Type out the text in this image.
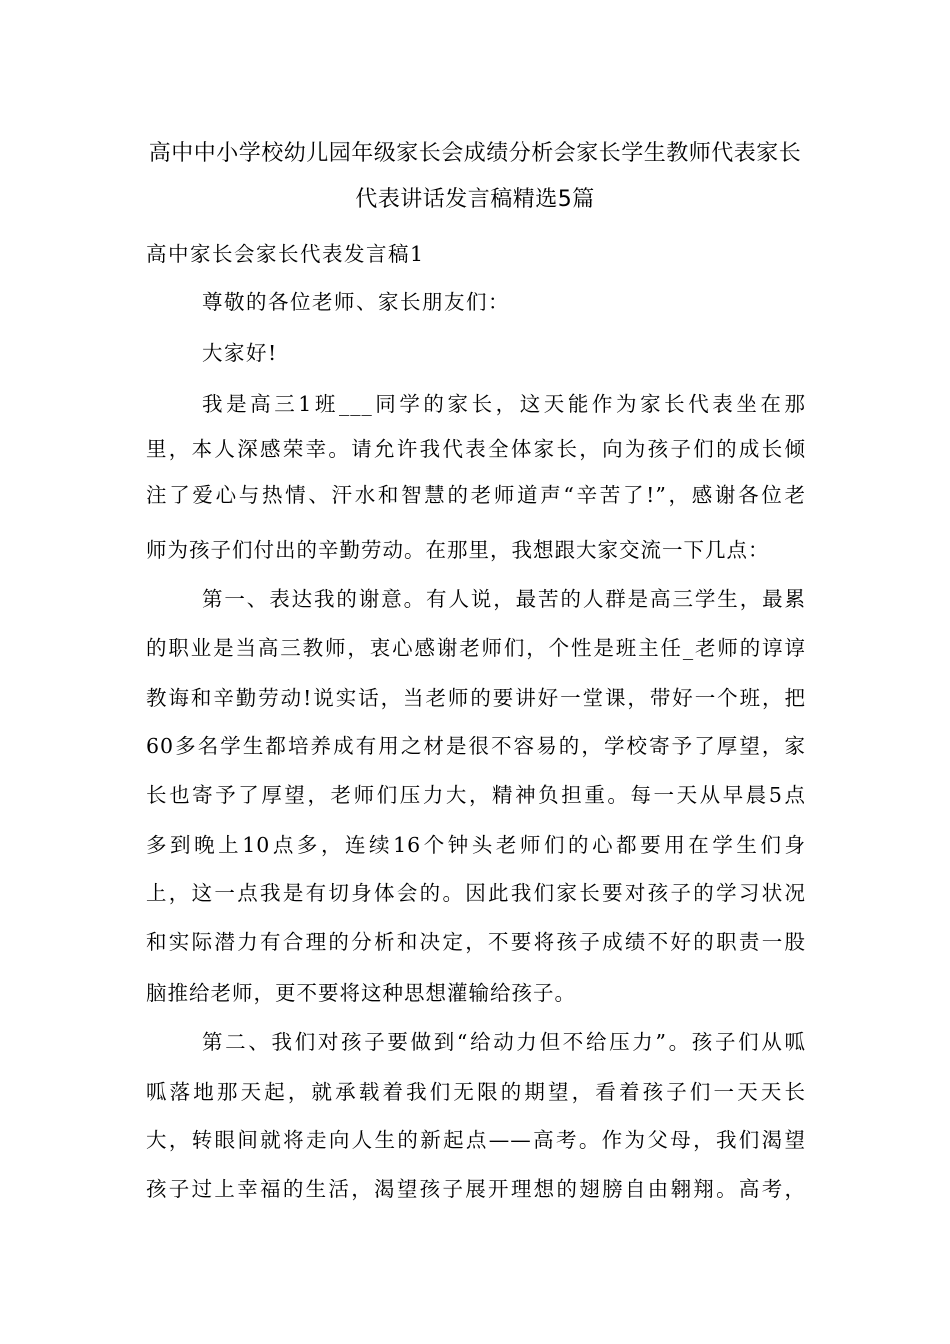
高中中小学校幼儿园年级家长会成绩分析会家长学生教师代表家长
代表讲话发言稿精选5篇
高中家长会家长代表发言稿1
尊敬的各位老师、家长朋友们：
大家好!
我是高三1班___同学的家长，这天能作为家长代表坐在那
里，本人深感荣幸。请允许我代表全体家长，向为孩子们的成长倾
注了爱心与热情、汗水和智慧的老师道声“辛苦了!”，感谢各位老
师为孩子们付出的辛勤劳动。在那里，我想跟大家交流一下几点：
第一、表达我的谢意。有人说，最苦的人群是高三学生，最累
的职业是当高三教师，衷心感谢老师们，个性是班主任_老师的谆谆
教诲和辛勤劳动!说实话，当老师的要讲好一堂课，带好一个班，把
60多名学生都培养成有用之材是很不容易的，学校寄予了厚望，家
长也寄予了厚望，老师们压力大，精神负担重。每一天从早晨5点
多到晚上10点多，连续16个钟头老师们的心都要用在学生们身
上，这一点我是有切身体会的。因此我们家长要对孩子的学习状况
和实际潜力有合理的分析和决定，不要将孩子成绩不好的职责一股
脑推给老师，更不要将这种思想灌输给孩子。
第二、我们对孩子要做到“给动力但不给压力”。孩子们从呱
呱落地那天起，就承载着我们无限的期望，看着孩子们一天天长
大，转眼间就将走向人生的新起点——高考。作为父母，我们渴望
孩子过上幸福的生活，渴望孩子展开理想的翅膀自由翱翔。高考，
